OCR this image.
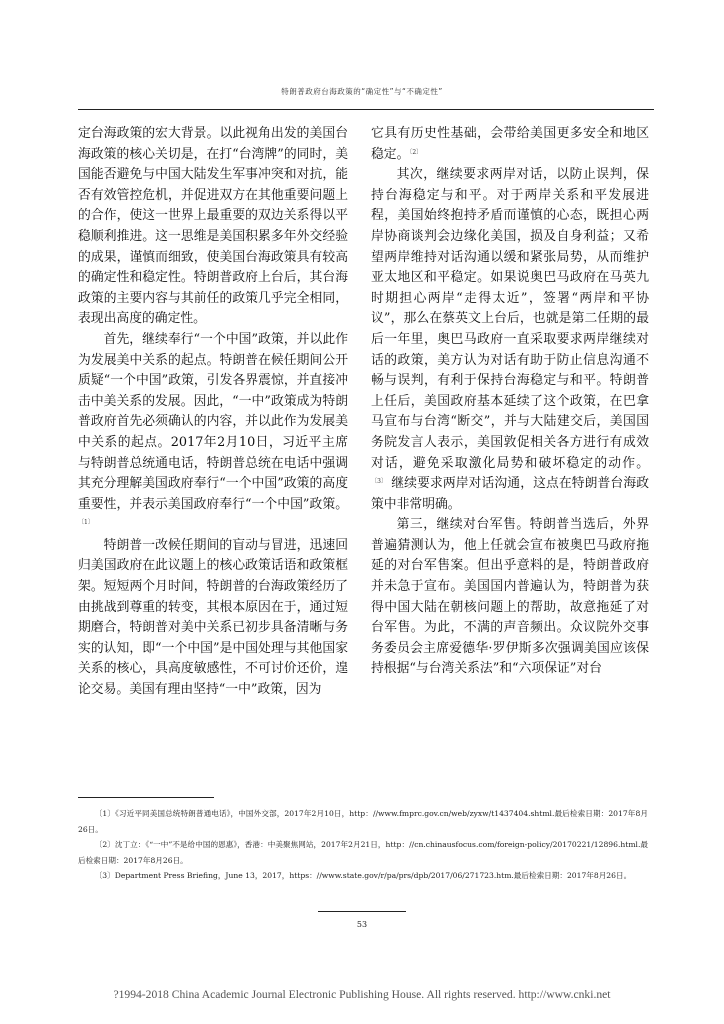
特朗普政府台海政策的“确定性”与“不确定性”

定台海政策的宏大背景。以此视角出发的美国台海政策的核心关切是，在打“台湾牌”的同时，美国能否避免与中国大陆发生军事冲突和对抗，能否有效管控危机，并促进双方在其他重要问题上的合作，使这一世界上最重要的双边关系得以平稳顺利推进。这一思维是美国积累多年外交经验的成果，谨慎而细致，使美国台海政策具有较高的确定性和稳定性。特朗普政府上台后，其台海政策的主要内容与其前任的政策几乎完全相同，表现出高度的确定性。

首先，继续奉行“一个中国”政策，并以此作为发展美中关系的起点。特朗普在候任期间公开质疑“一个中国”政策，引发各界震惊，并直接冲击中美关系的发展。因此，“一中”政策成为特朗普政府首先必须确认的内容，并以此作为发展美中关系的起点。2017年2月10日，习近平主席与特朗普总统通电话，特朗普总统在电话中强调其充分理解美国政府奉行“一个中国”政策的高度重要性，并表示美国政府奉行“一个中国”政策。$^{〔1〕}$

特朗普一改候任期间的盲动与冒进，迅速回归美国政府在此议题上的核心政策话语和政策框架。短短两个月时间，特朗普的台海政策经历了由挑战到尊重的转变，其根本原因在于，通过短期磨合，特朗普对美中关系已初步具备清晰与务实的认知，即“一个中国”是中国处理与其他国家关系的核心，具高度敏感性，不可讨价还价，遑论交易。美国有理由坚持“一中”政策，因为

它具有历史性基础，会带给美国更多安全和地区稳定。$^{〔2〕}$

其次，继续要求两岸对话，以防止误判，保持台海稳定与和平。对于两岸关系和平发展进程，美国始终抱持矛盾而谨慎的心态，既担心两岸协商谈判会边缘化美国，损及自身利益；又希望两岸维持对话沟通以缓和紧张局势，从而维护亚太地区和平稳定。如果说奥巴马政府在马英九时期担心两岸“走得太近”，签署“两岸和平协议”，那么在蔡英文上台后，也就是第二任期的最后一年里，奥巴马政府一直采取要求两岸继续对话的政策，美方认为对话有助于防止信息沟通不畅与误判，有利于保持台海稳定与和平。特朗普上任后，美国政府基本延续了这个政策，在巴拿马宣布与台湾“断交”，并与大陆建交后，美国国务院发言人表示，美国敦促相关各方进行有成效对话，避免采取激化局势和破坏稳定的动作。$^{〔3〕}$ 继续要求两岸对话沟通，这点在特朗普台海政策中非常明确。

第三，继续对台军售。特朗普当选后，外界普遍猜测认为，他上任就会宣布被奥巴马政府拖延的对台军售案。但出乎意料的是，特朗普政府并未急于宣布。美国国内普遍认为，特朗普为获得中国大陆在朝核问题上的帮助，故意拖延了对台军售。为此，不满的声音频出。众议院外交事务委员会主席爱德华·罗伊斯多次强调美国应该保持根据“与台湾关系法”和“六项保证”对台

〔1〕《习近平同美国总统特朗普通电话》，中国外交部，2017年2月10日，http：//www.fmprc.gov.cn/web/zyxw/t1437404.shtml.最后检索日期：2017年8月26日。

〔2〕沈丁立：《“一中”不是给中国的恩惠》，香港：中美聚焦网站，2017年2月21日，http：//cn.chinausfocus.com/foreign-policy/20170221/12896.html.最后检索日期：2017年8月26日。

〔3〕Department Press Briefing，June 13，2017，https：//www.state.gov/r/pa/prs/dpb/2017/06/271723.htm.最后检索日期：2017年8月26日。

53
?1994-2018 China Academic Journal Electronic Publishing House. All rights reserved. http://www.cnki.net
